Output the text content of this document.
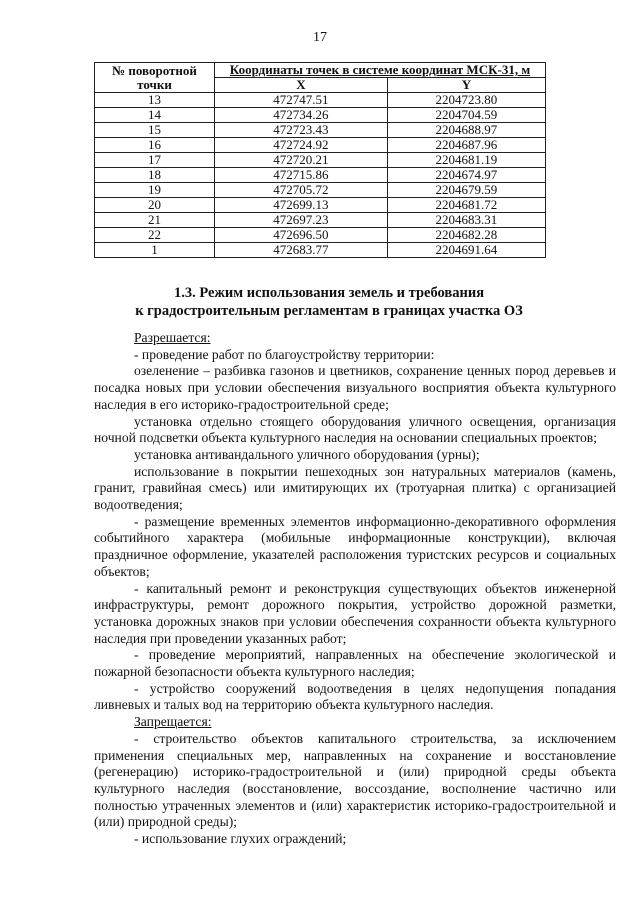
17
№ поворотной точки	Координаты точек в системе координат МСК-31, м	
	X	Y
13	472747.51	2204723.80
14	472734.26	2204704.59
15	472723.43	2204688.97
16	472724.92	2204687.96
17	472720.21	2204681.19
18	472715.86	2204674.97
19	472705.72	2204679.59
20	472699.13	2204681.72
21	472697.23	2204683.31
22	472696.50	2204682.28
1	472683.77	2204691.64
1.3. Режим использования земель и требования
к градостроительным регламентам в границах участка ОЗ
Разрешается:

- проведение работ по благоустройству территории:

озеленение – разбивка газонов и цветников, сохранение ценных пород деревьев и посадка новых при условии обеспечения визуального восприятия объекта культурного наследия в его историко-градостроительной среде;

установка отдельно стоящего оборудования уличного освещения, организация ночной подсветки объекта культурного наследия на основании специальных проектов;

установка антивандального уличного оборудования (урны);

использование в покрытии пешеходных зон натуральных материалов (камень, гранит, гравийная смесь) или имитирующих их (тротуарная плитка) с организацией водоотведения;

- размещение временных элементов информационно-декоративного оформления событийного характера (мобильные информационные конструкции), включая праздничное оформление, указателей расположения туристских ресурсов и социальных объектов;

- капитальный ремонт и реконструкция существующих объектов инженерной инфраструктуры, ремонт дорожного покрытия, устройство дорожной разметки, установка дорожных знаков при условии обеспечения сохранности объекта культурного наследия при проведении указанных работ;

- проведение мероприятий, направленных на обеспечение экологической и пожарной безопасности объекта культурного наследия;

- устройство сооружений водоотведения в целях недопущения попадания ливневых и талых вод на территорию объекта культурного наследия.

Запрещается:

- строительство объектов капитального строительства, за исключением применения специальных мер, направленных на сохранение и восстановление (регенерацию) историко-градостроительной и (или) природной среды объекта культурного наследия (восстановление, воссоздание, восполнение частично или полностью утраченных элементов и (или) характеристик историко-градостроительной и (или) природной среды);

- использование глухих ограждений;
